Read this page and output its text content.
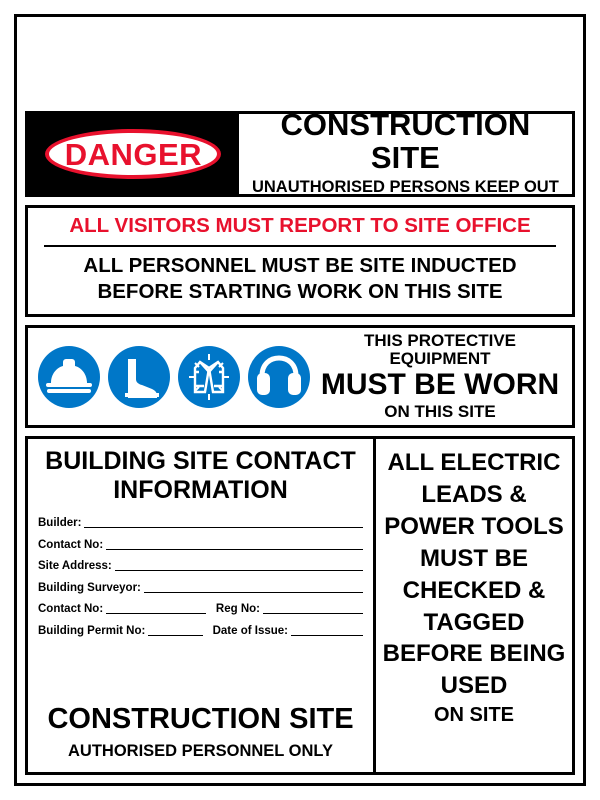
DANGER
CONSTRUCTION SITE
UNAUTHORISED PERSONS KEEP OUT
ALL VISITORS MUST REPORT TO SITE OFFICE
ALL PERSONNEL MUST BE SITE INDUCTED
BEFORE STARTING WORK ON THIS SITE
THIS PROTECTIVE EQUIPMENT
MUST BE WORN
ON THIS SITE
BUILDING SITE CONTACT
INFORMATION
Builder:
Contact No:
Site Address:
Building Surveyor:
Contact No:	Reg No:
Building Permit No:	Date of Issue:
CONSTRUCTION SITE
AUTHORISED PERSONNEL ONLY
ALL ELECTRIC
LEADS &
POWER TOOLS
MUST BE
CHECKED &
TAGGED
BEFORE BEING
USED
ON SITE
